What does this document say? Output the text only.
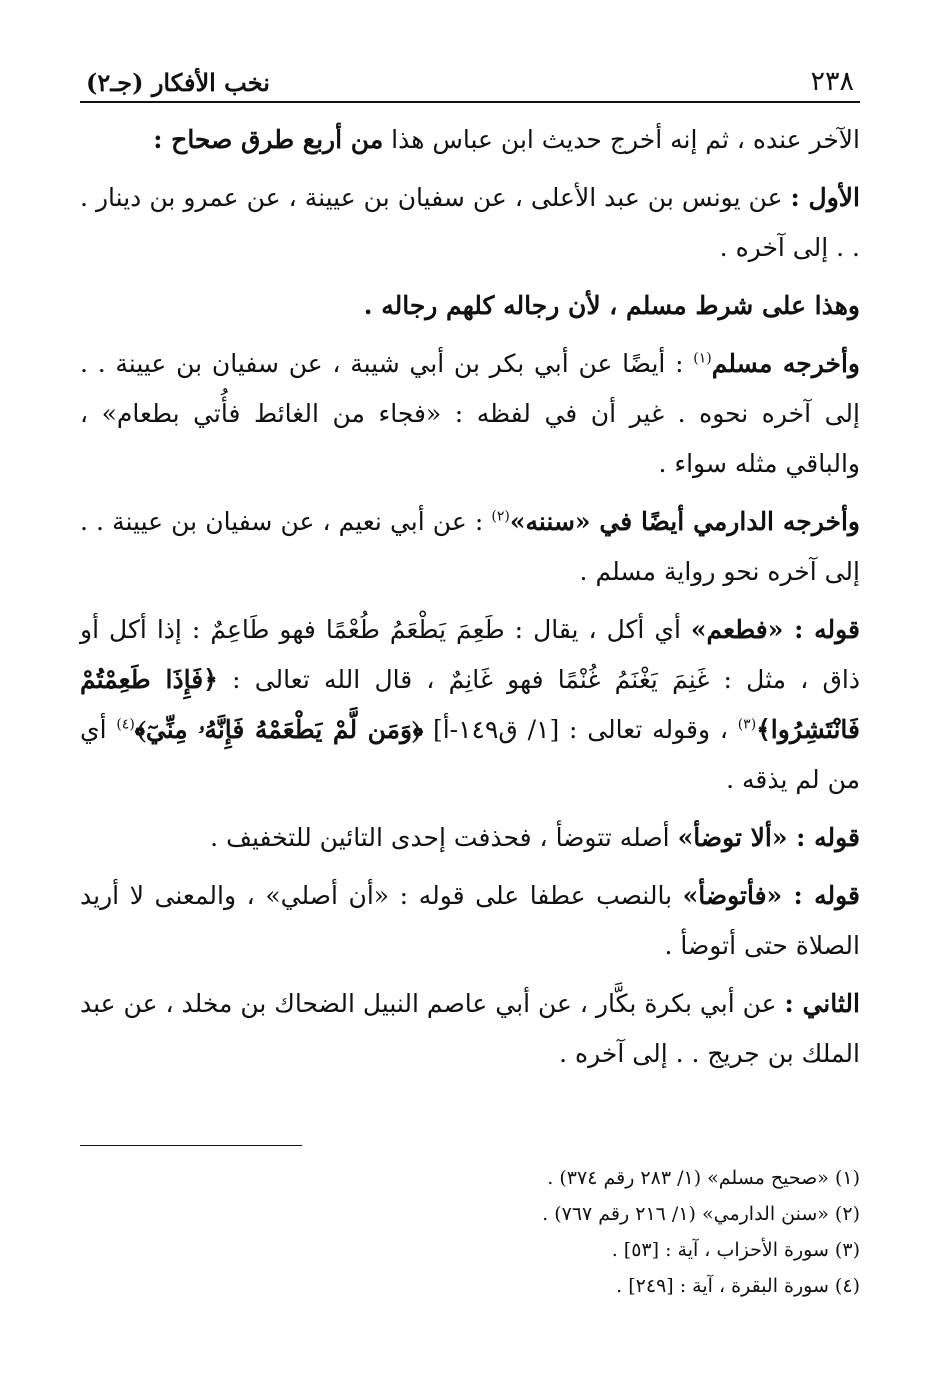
٢٣٨
نخب الأفكار (جـ٢)

الآخر عنده ، ثم إنه أخرج حديث ابن عباس هذا من أربع طرق صحاح :

الأول : عن يونس بن عبد الأعلى ، عن سفيان بن عيينة ، عن عمرو بن دينار . . . إلى آخره .

وهذا على شرط مسلم ، لأن رجاله كلهم رجاله .

وأخرجه مسلم$^{(١)}$ : أيضًا عن أبي بكر بن أبي شيبة ، عن سفيان بن عيينة . . إلى آخره نحوه . غير أن في لفظه : «فجاء من الغائط فأُتي بطعام» ، والباقي مثله سواء .

وأخرجه الدارمي أيضًا في «سننه»$^{(٢)}$ : عن أبي نعيم ، عن سفيان بن عيينة . . إلى آخره نحو رواية مسلم .

قوله : «فطعم» أي أكل ، يقال : طَعِمَ يَطْعَمُ طُعْمًا فهو طَاعِمٌ : إذا أكل أو ذاق ، مثل : غَنِمَ يَغْنَمُ غُنْمًا فهو غَانِمٌ ، قال الله تعالى : ﴿فَإِذَا طَعِمْتُمْ فَانْتَشِرُوا﴾$^{(٣)}$ ، وقوله تعالى : [١/ ق١٤٩-أ] ﴿وَمَن لَّمْ يَطْعَمْهُ فَإِنَّهُۥ مِنِّيٓ﴾$^{(٤)}$ أي من لم يذقه .

قوله : «ألا توضأ» أصله تتوضأ ، فحذفت إحدى التائين للتخفيف .

قوله : «فأتوضأ» بالنصب عطفا على قوله : «أن أصلي» ، والمعنى لا أريد الصلاة حتى أتوضأ .

الثاني : عن أبي بكرة بكَّار ، عن أبي عاصم النبيل الضحاك بن مخلد ، عن عبد الملك بن جريج . . إلى آخره .

(١) «صحيح مسلم» (١/ ٢٨٣ رقم ٣٧٤) .

(٢) «سنن الدارمي» (١/ ٢١٦ رقم ٧٦٧) .

(٣) سورة الأحزاب ، آية : [٥٣] .

(٤) سورة البقرة ، آية : [٢٤٩] .
